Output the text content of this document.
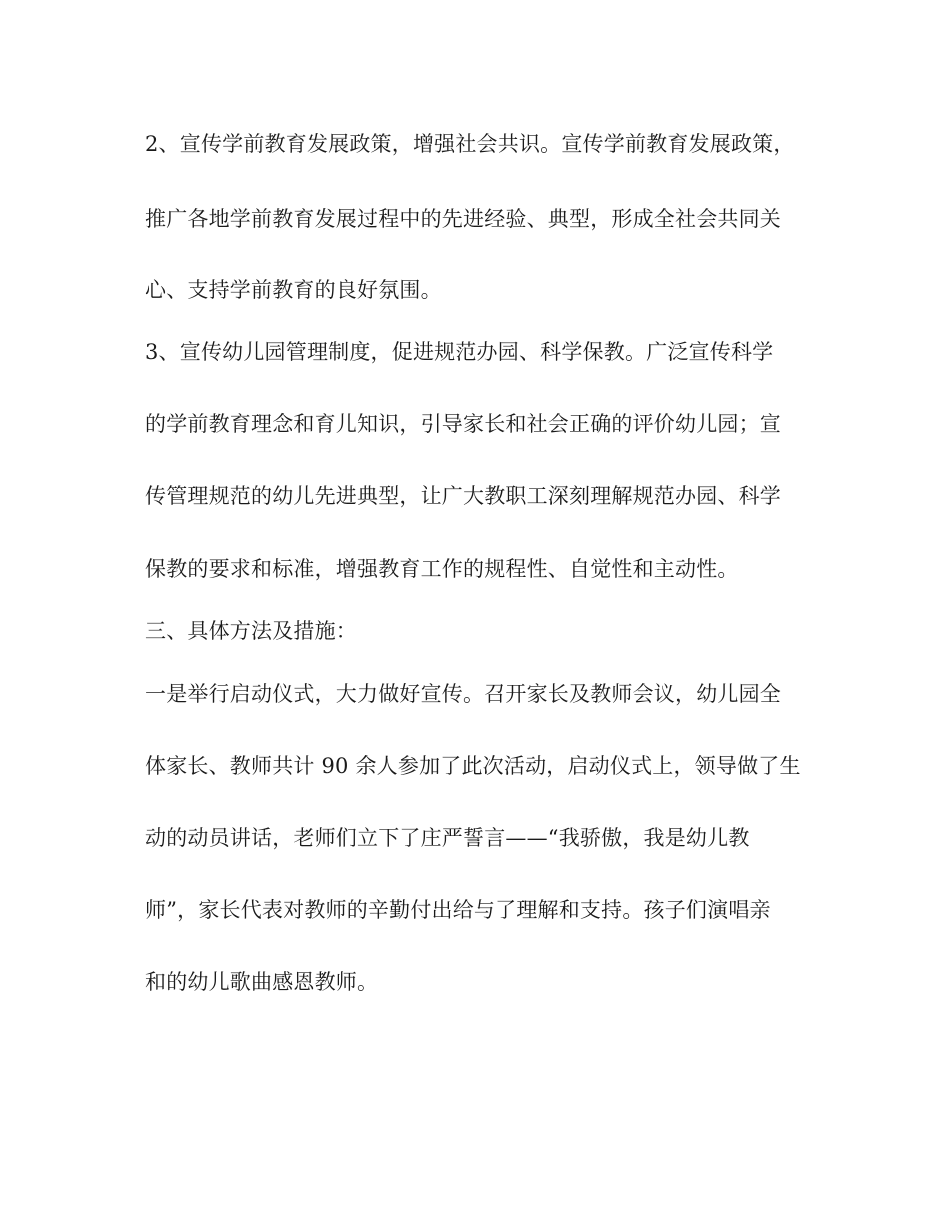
2、宣传学前教育发展政策，增强社会共识。宣传学前教育发展政策，
推广各地学前教育发展过程中的先进经验、典型，形成全社会共同关
心、支持学前教育的良好氛围。
3、宣传幼儿园管理制度，促进规范办园、科学保教。广泛宣传科学
的学前教育理念和育儿知识，引导家长和社会正确的评价幼儿园；宣
传管理规范的幼儿先进典型，让广大教职工深刻理解规范办园、科学
保教的要求和标准，增强教育工作的规程性、自觉性和主动性。
三、具体方法及措施：
一是举行启动仪式，大力做好宣传。召开家长及教师会议，幼儿园全
体家长、教师共计 90 余人参加了此次活动，启动仪式上，领导做了生
动的动员讲话，老师们立下了庄严誓言——“我骄傲，我是幼儿教
师”，家长代表对教师的辛勤付出给与了理解和支持。孩子们演唱亲
和的幼儿歌曲感恩教师。
